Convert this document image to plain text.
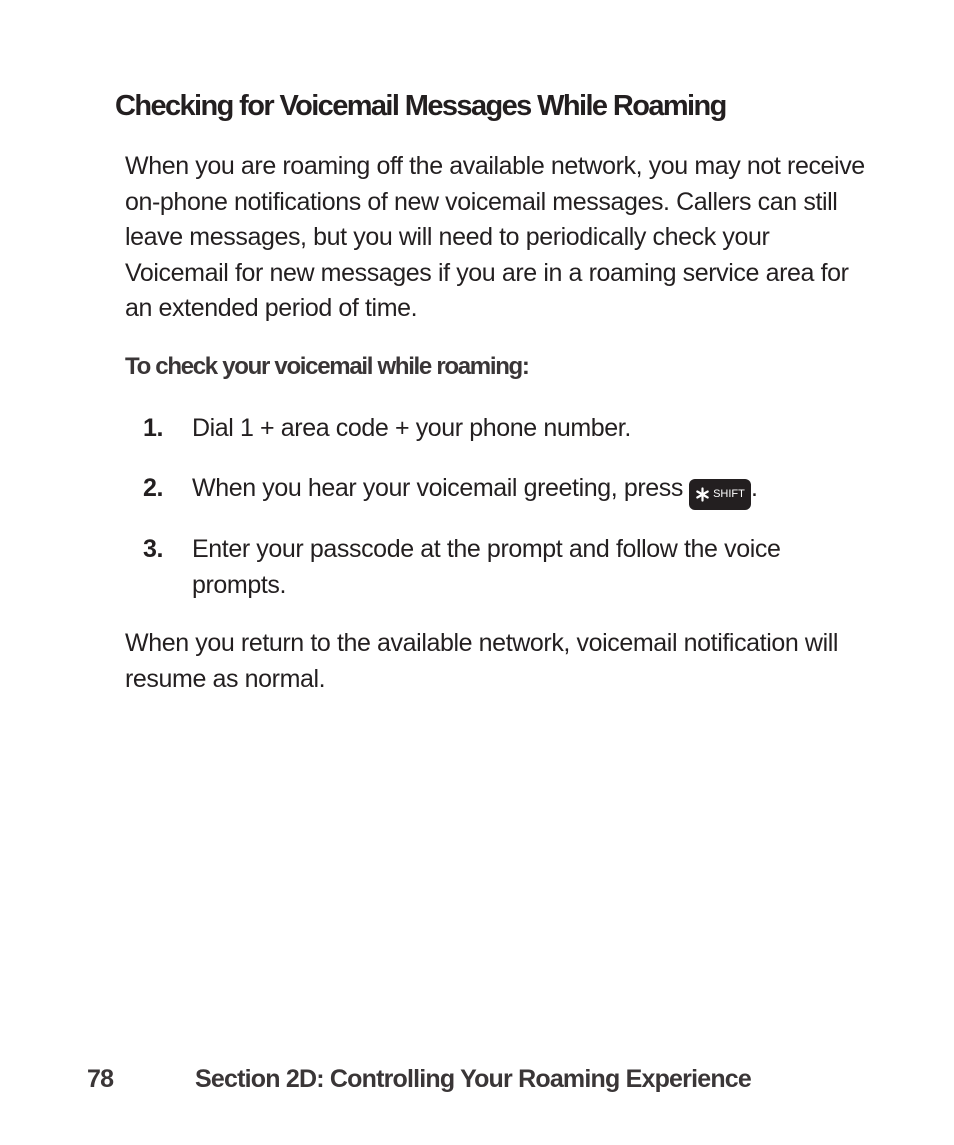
Checking for Voicemail Messages While Roaming

When you are roaming off the available network, you may not receive on-phone notifications of new voicemail messages. Callers can still leave messages, but you will need to periodically check your Voicemail for new messages if you are in a roaming service area for an extended period of time.

To check your voicemail while roaming:
1.	Dial 1 + area code + your phone number.
2.	When you hear your voicemail greeting, press	SHIFT .
3.	Enter your passcode at the prompt and follow the voice prompts.

When you return to the available network, voicemail notification will resume as normal.

78	Section 2D: Controlling Your Roaming Experience
